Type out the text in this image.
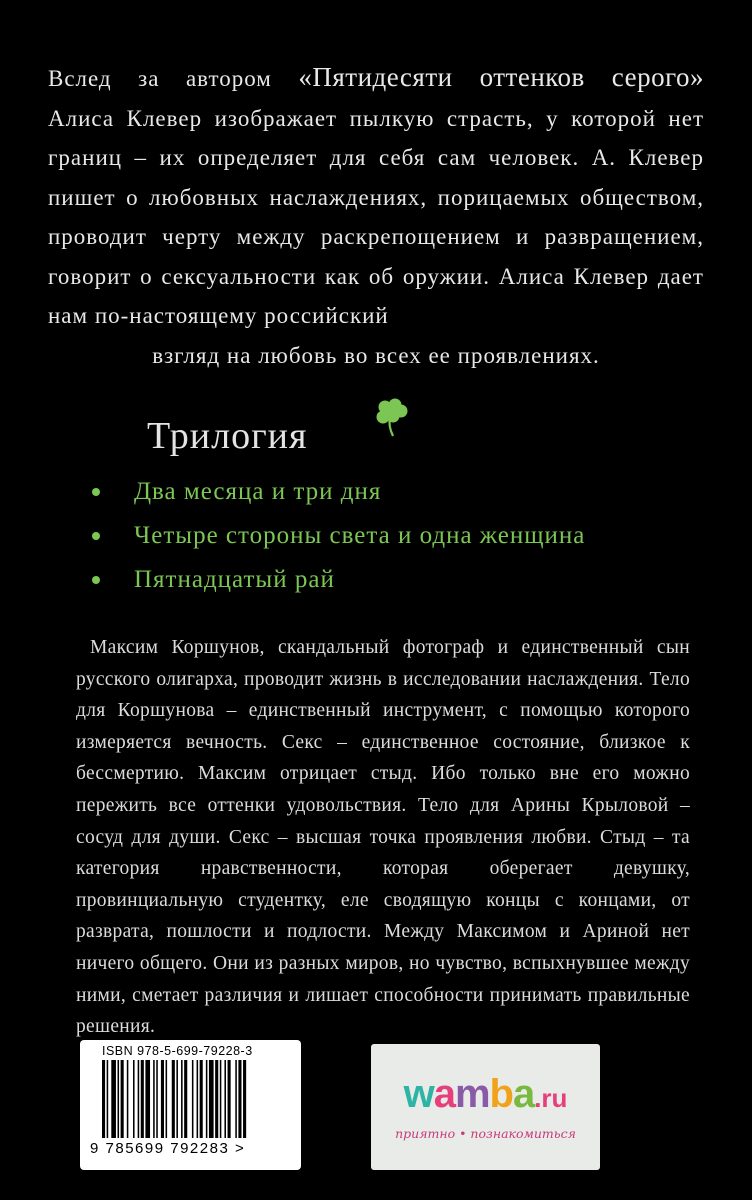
Вслед за автором «Пятидесяти оттенков серого»
Алиса Клевер изображает пылкую страсть, у которой нет границ – их определяет для себя сам человек. А. Клевер пишет о любовных наслаждениях, порицаемых обществом, проводит черту между раскрепощением и развращением, говорит о сексуальности как об оружии. Алиса Клевер дает нам по-настоящему российский
взгляд на любовь во всех ее проявлениях.
Трилогия
Два месяца и три дня
Четыре стороны света и одна женщина
Пятнадцатый рай
Максим Коршунов, скандальный фотограф и единственный сын русского олигарха, проводит жизнь в исследовании наслаждения. Тело для Коршунова – единственный инструмент, с помощью которого измеряется вечность. Секс – единственное состояние, близкое к бессмертию. Максим отрицает стыд. Ибо только вне его можно пережить все оттенки удовольствия. Тело для Арины Крыловой – сосуд для души. Секс – высшая точка проявления любви. Стыд – та категория нравственности, которая оберегает девушку, провинциальную студентку, еле сводящую концы с концами, от разврата, пошлости и подлости. Между Максимом и Ариной нет ничего общего. Они из разных миров, но чувство, вспыхнувшее между ними, сметает различия и лишает способности принимать правильные решения.
ISBN 978-5-699-79228-3
9 785699 792283 >
wamba.ru
приятно • познакомиться
